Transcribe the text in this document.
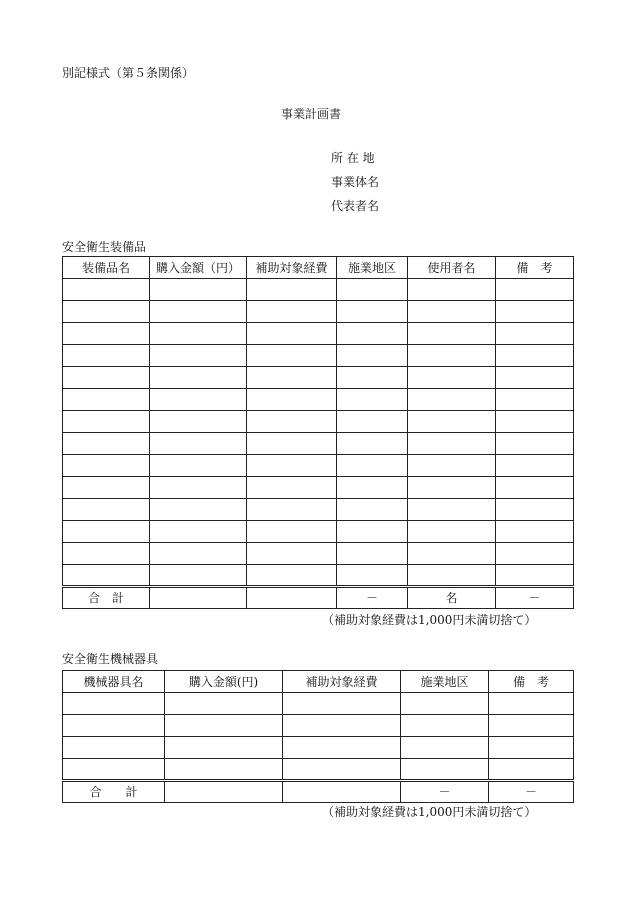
別記様式（第５条関係）
事業計画書
所 在 地
事業体名
代表者名
安全衛生装備品
装備品名	購入金額（円）	補助対象経費	施業地区	使用者名	備　考

合　計			－	名	－
（補助対象経費は1,000円未満切捨て）
安全衛生機械器具
機械器具名	購入金額(円)	補助対象経費	施業地区	備　考

合　　計			－	－
（補助対象経費は1,000円未満切捨て）
